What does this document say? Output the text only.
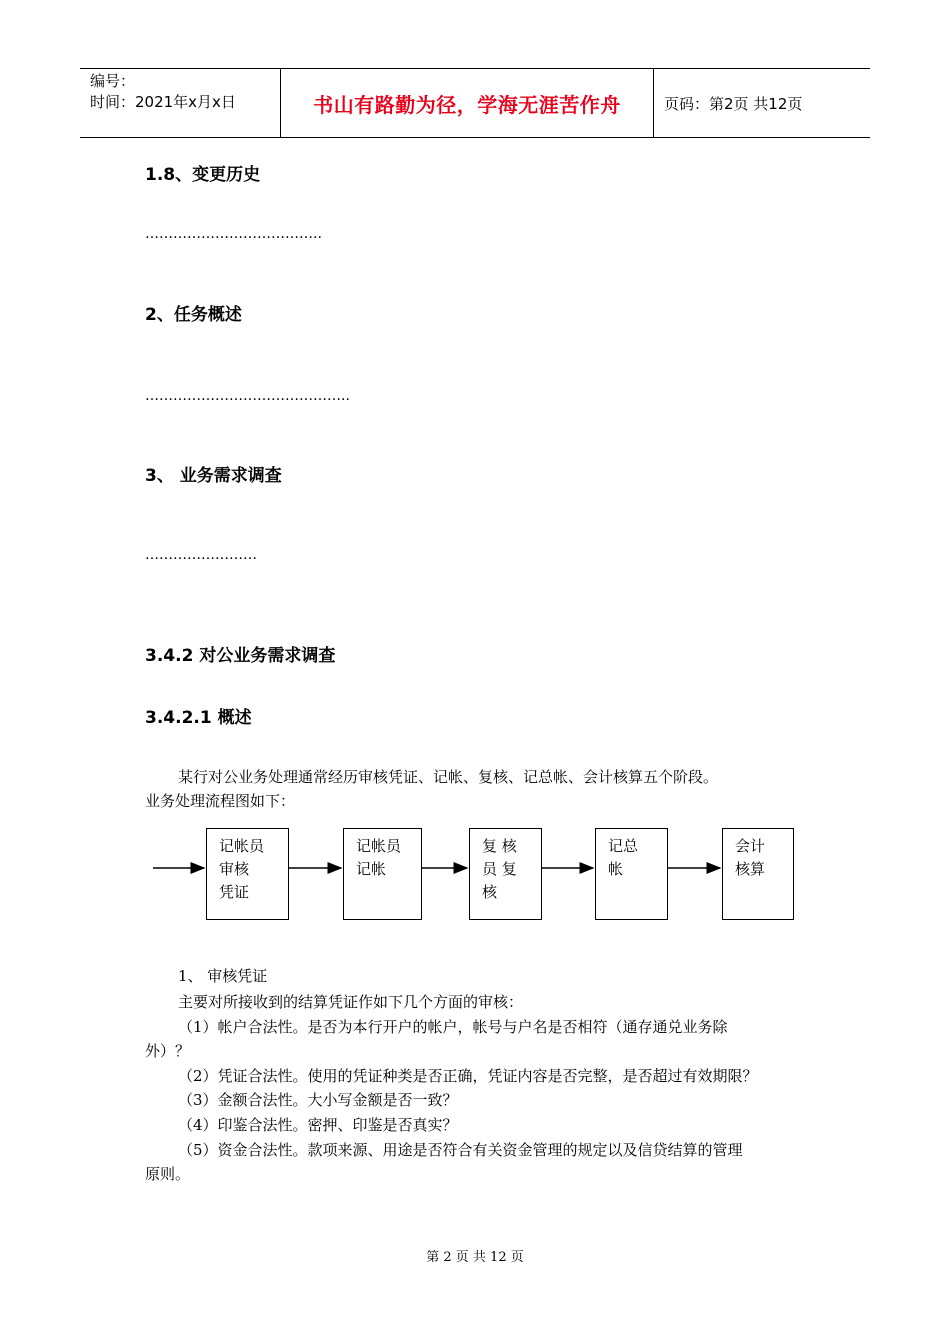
编号：
时间：2021年x月x日	书山有路勤为径，学海无涯苦作舟	页码：第2页 共12页
1.8、变更历史
………………………………..
2、任务概述
……………………………………..
3、 业务需求调查
……………………
3.4.2 对公业务需求调查
3.4.2.1 概述
某行对公业务处理通常经历审核凭证、记帐、复核、记总帐、会计核算五个阶段。
业务处理流程图如下：
记帐员
审核
凭证
记帐员
记帐
复 核
员 复
核
记总
帐
会计
核算
1、 审核凭证
主要对所接收到的结算凭证作如下几个方面的审核：
（1）帐户合法性。是否为本行开户的帐户，帐号与户名是否相符（通存通兑业务除
外）？
（2）凭证合法性。使用的凭证种类是否正确，凭证内容是否完整，是否超过有效期限？
（3）金额合法性。大小写金额是否一致？
（4）印鉴合法性。密押、印鉴是否真实？
（5）资金合法性。款项来源、用途是否符合有关资金管理的规定以及信贷结算的管理
原则。
第 2 页 共 12 页
